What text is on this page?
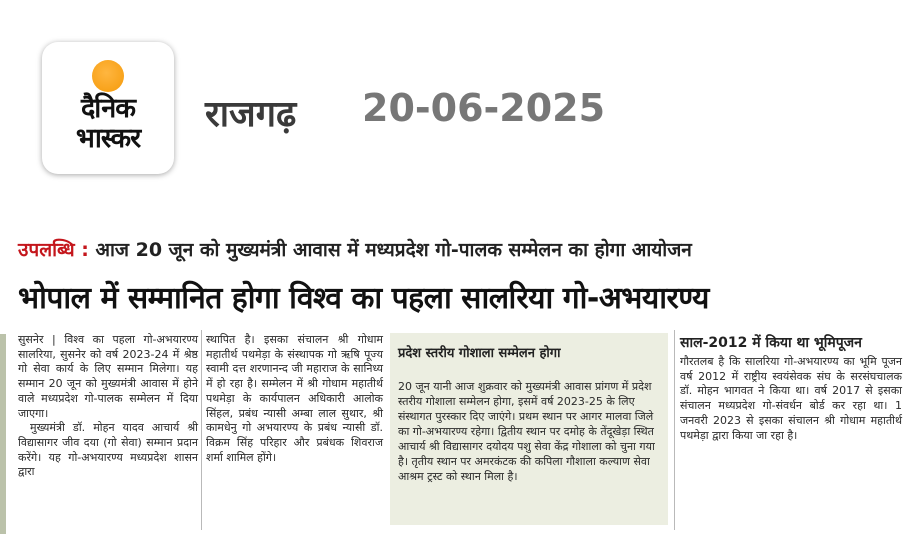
दैनिक
भास्कर
राजगढ़ 20-06-2025
उपलब्धि : आज 20 जून को मुख्यमंत्री आवास में मध्यप्रदेश गो-पालक सम्मेलन का होगा आयोजन
भोपाल में सम्मानित होगा विश्व का पहला सालरिया गो-अभयारण्य

सुसनेर | विश्व का पहला गो-अभयारण्य सालरिया, सुसनेर को वर्ष 2023-24 में श्रेष्ठ गो सेवा कार्य के लिए सम्मान मिलेगा। यह सम्मान 20 जून को मुख्यमंत्री आवास में होने वाले मध्यप्रदेश गो-पालक सम्मेलन में दिया जाएगा।

मुख्यमंत्री डॉ. मोहन यादव आचार्य श्री विद्यासागर जीव दया (गो सेवा) सम्मान प्रदान करेंगे। यह गो-अभयारण्य मध्यप्रदेश शासन द्वारा

स्थापित है। इसका संचालन श्री गोधाम महातीर्थ पथमेड़ा के संस्थापक गो ऋषि पूज्य स्वामी दत्त शरणानन्द जी महाराज के सानिध्य में हो रहा है। सम्मेलन में श्री गोधाम महातीर्थ पथमेड़ा के कार्यपालन अधिकारी आलोक सिंहल, प्रबंध न्यासी अम्बा लाल सुथार, श्री कामधेनु गो अभयारण्य के प्रबंध न्यासी डॉ. विक्रम सिंह परिहार और प्रबंधक शिवराज शर्मा शामिल होंगे।

प्रदेश स्तरीय गोशाला सम्मेलन होगा
20 जून यानी आज शुक्रवार को मुख्यमंत्री आवास प्रांगण में प्रदेश स्तरीय गोशाला सम्मेलन होगा, इसमें वर्ष 2023-25 के लिए संस्थागत पुरस्कार दिए जाएंगे। प्रथम स्थान पर आगर मालवा जिले का गो-अभयारण्य रहेगा। द्वितीय स्थान पर दमोह के तेंदूखेड़ा स्थित आचार्य श्री विद्यासागर दयोदय पशु सेवा केंद्र गोशाला को चुना गया है। तृतीय स्थान पर अमरकंटक की कपिला गौशाला कल्याण सेवा आश्रम ट्रस्ट को स्थान मिला है।
साल-2012 में किया था भूमिपूजन

गौरतलब है कि सालरिया गो-अभयारण्य का भूमि पूजन वर्ष 2012 में राष्ट्रीय स्वयंसेवक संघ के सरसंघचालक डॉ. मोहन भागवत ने किया था। वर्ष 2017 से इसका संचालन मध्यप्रदेश गो-संवर्धन बोर्ड कर रहा था। 1 जनवरी 2023 से इसका संचालन श्री गोधाम महातीर्थ पथमेड़ा द्वारा किया जा रहा है।
